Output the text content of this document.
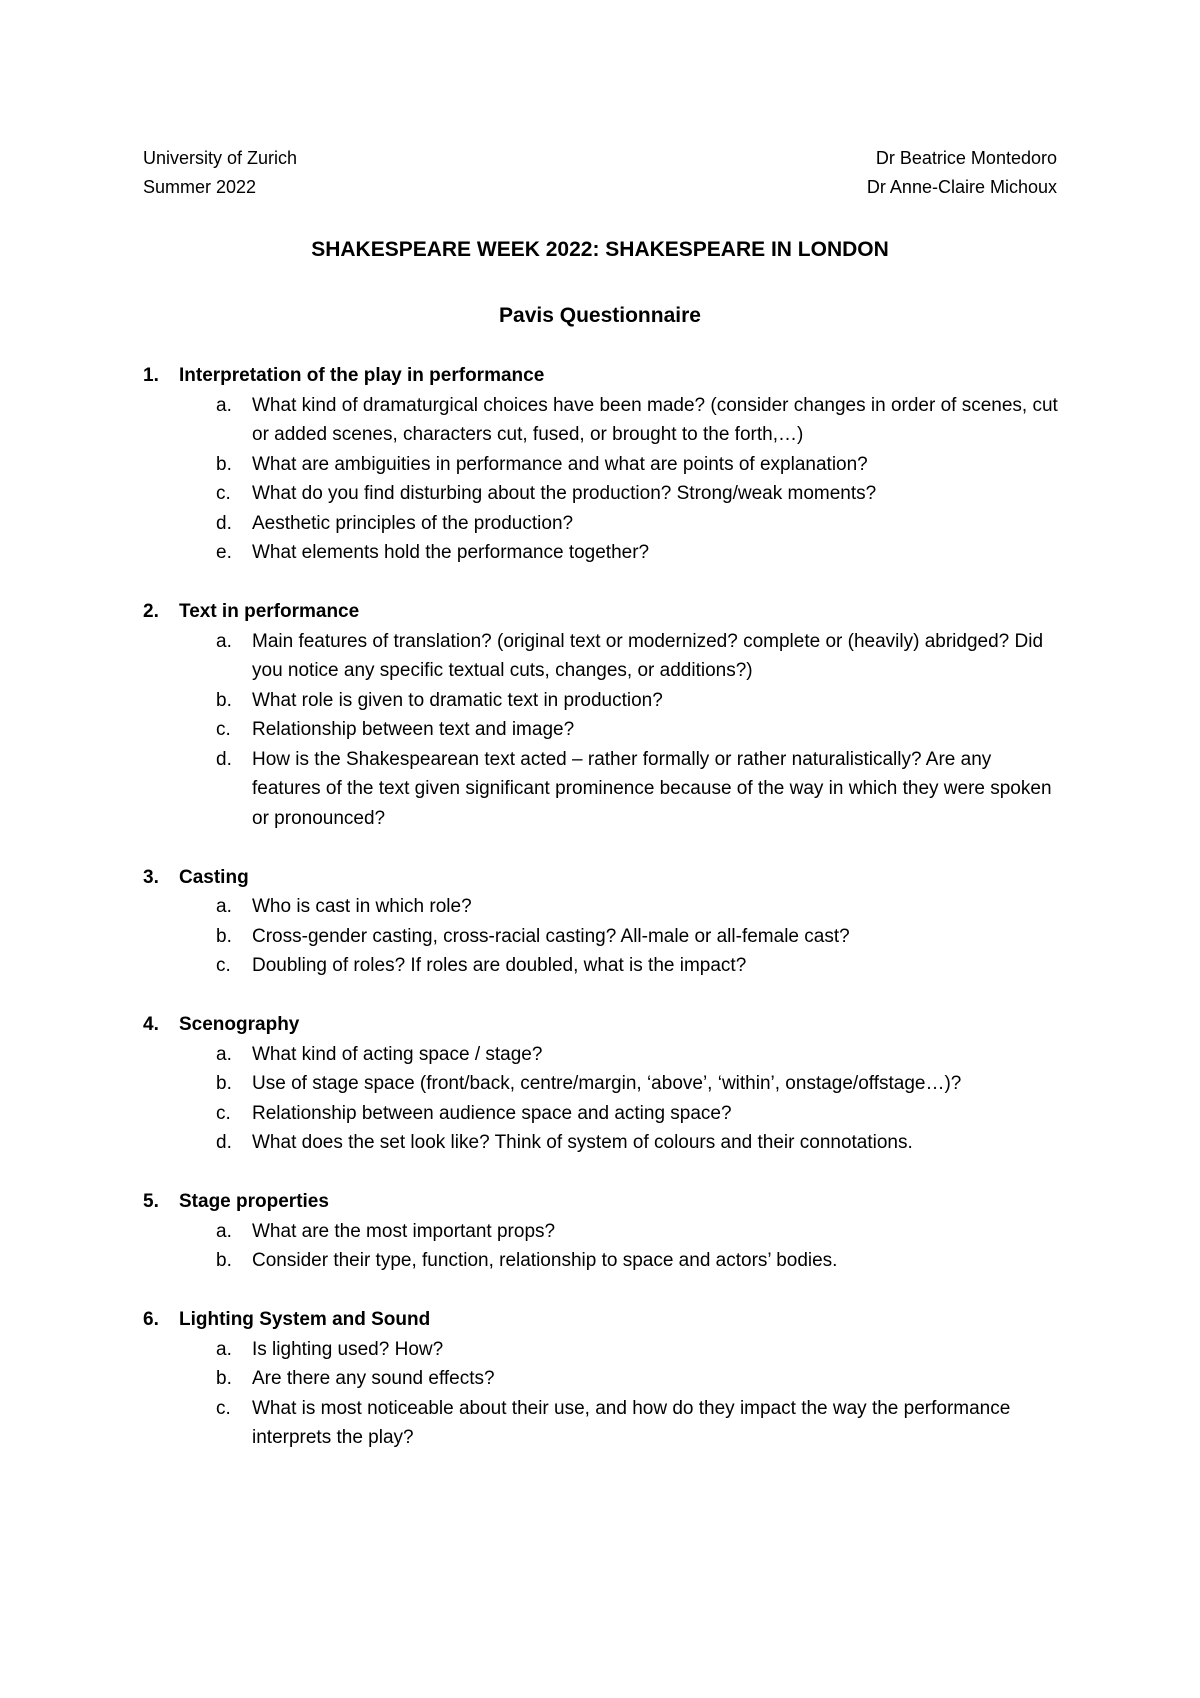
University of Zurich
Summer 2022
Dr Beatrice Montedoro
Dr Anne-Claire Michoux
SHAKESPEARE WEEK 2022: SHAKESPEARE IN LONDON
Pavis Questionnaire
1.	Interpretation of the play in performance
a.	What kind of dramaturgical choices have been made? (consider changes in order of scenes, cut or added scenes, characters cut, fused, or brought to the forth,…)
b.	What are ambiguities in performance and what are points of explanation?
c.	What do you find disturbing about the production? Strong/weak moments?
d.	Aesthetic principles of the production?
e.	What elements hold the performance together?
2.	Text in performance
a.	Main features of translation? (original text or modernized? complete or (heavily) abridged? Did you notice any specific textual cuts, changes, or additions?)
b.	What role is given to dramatic text in production?
c.	Relationship between text and image?
d.	How is the Shakespearean text acted – rather formally or rather naturalistically? Are any features of the text given significant prominence because of the way in which they were spoken or pronounced?
3.	Casting
a.	Who is cast in which role?
b.	Cross-gender casting, cross-racial casting? All-male or all-female cast?
c.	Doubling of roles? If roles are doubled, what is the impact?
4.	Scenography
a.	What kind of acting space / stage?
b.	Use of stage space (front/back, centre/margin, ‘above’, ‘within’, onstage/offstage…)?
c.	Relationship between audience space and acting space?
d.	What does the set look like? Think of system of colours and their connotations.
5.	Stage properties
a.	What are the most important props?
b.	Consider their type, function, relationship to space and actors’ bodies.
6.	Lighting System and Sound
a.	Is lighting used? How?
b.	Are there any sound effects?
c.	What is most noticeable about their use, and how do they impact the way the performance interprets the play?
